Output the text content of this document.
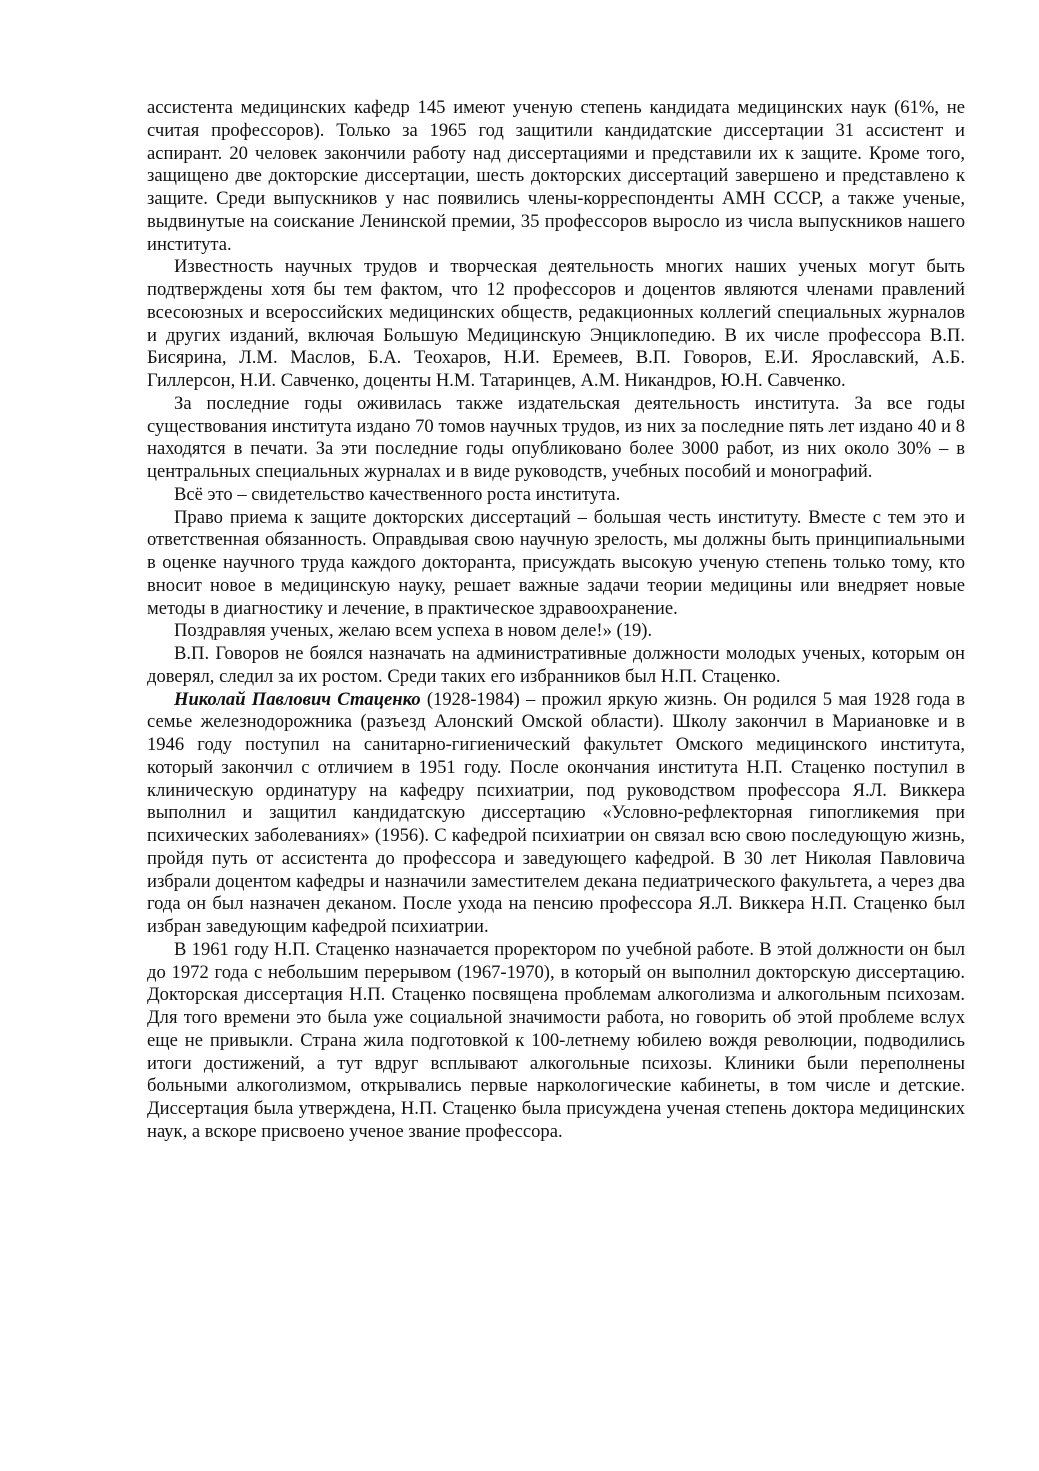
ассистента медицинских кафедр 145 имеют ученую степень кандидата медицинских наук (61%, не считая профессоров). Только за 1965 год защитили кандидатские диссертации 31 ассистент и аспирант. 20 человек закончили работу над диссертациями и представили их к защите. Кроме того, защищено две докторские диссертации, шесть докторских диссертаций завершено и представлено к защите. Среди выпускников у нас появились члены-корреспонденты АМН СССР, а также ученые, выдвинутые на соискание Ленинской премии, 35 профессоров выросло из числа выпускников нашего института.

Известность научных трудов и творческая деятельность многих наших ученых могут быть подтверждены хотя бы тем фактом, что 12 профессоров и доцентов являются членами правлений всесоюзных и всероссийских медицинских обществ, редакционных коллегий специальных журналов и других изданий, включая Большую Медицинскую Энциклопедию. В их числе профессора В.П. Бисярина, Л.М. Маслов, Б.А. Теохаров, Н.И. Еремеев, В.П. Говоров, Е.И. Ярославский, А.Б. Гиллерсон, Н.И. Савченко, доценты Н.М. Татаринцев, А.М. Никандров, Ю.Н. Савченко.

За последние годы оживилась также издательская деятельность института. За все годы существования института издано 70 томов научных трудов, из них за последние пять лет издано 40 и 8 находятся в печати. За эти последние годы опубликовано более 3000 работ, из них около 30% – в центральных специальных журналах и в виде руководств, учебных пособий и монографий.

Всё это – свидетельство качественного роста института.

Право приема к защите докторских диссертаций – большая честь институту. Вместе с тем это и ответственная обязанность. Оправдывая свою научную зрелость, мы должны быть принципиальными в оценке научного труда каждого докторанта, присуждать высокую ученую степень только тому, кто вносит новое в медицинскую науку, решает важные задачи теории медицины или внедряет новые методы в диагностику и лечение, в практическое здравоохранение.

Поздравляя ученых, желаю всем успеха в новом деле!» (19).

В.П. Говоров не боялся назначать на административные должности молодых ученых, которым он доверял, следил за их ростом. Среди таких его избранников был Н.П. Стаценко.

Николай Павлович Стаценко (1928-1984) – прожил яркую жизнь. Он родился 5 мая 1928 года в семье железнодорожника (разъезд Алонский Омской области). Школу закончил в Мариановке и в 1946 году поступил на санитарно-гигиенический факультет Омского медицинского института, который закончил с отличием в 1951 году. После окончания института Н.П. Стаценко поступил в клиническую ординатуру на кафедру психиатрии, под руководством профессора Я.Л. Виккера выполнил и защитил кандидатскую диссертацию «Условно-рефлекторная гипогликемия при психических заболеваниях» (1956). С кафедрой психиатрии он связал всю свою последующую жизнь, пройдя путь от ассистента до профессора и заведующего кафедрой. В 30 лет Николая Павловича избрали доцентом кафедры и назначили заместителем декана педиатрического факультета, а через два года он был назначен деканом. После ухода на пенсию профессора Я.Л. Виккера Н.П. Стаценко был избран заведующим кафедрой психиатрии.

В 1961 году Н.П. Стаценко назначается проректором по учебной работе. В этой должности он был до 1972 года с небольшим перерывом (1967-1970), в который он выполнил докторскую диссертацию. Докторская диссертация Н.П. Стаценко посвящена проблемам алкоголизма и алкогольным психозам. Для того времени это была уже социальной значимости работа, но говорить об этой проблеме вслух еще не привыкли. Страна жила подготовкой к 100-летнему юбилею вождя революции, подводились итоги достижений, а тут вдруг всплывают алкогольные психозы. Клиники были переполнены больными алкоголизмом, открывались первые наркологические кабинеты, в том числе и детские. Диссертация была утверждена, Н.П. Стаценко была присуждена ученая степень доктора медицинских наук, а вскоре присвоено ученое звание профессора.
